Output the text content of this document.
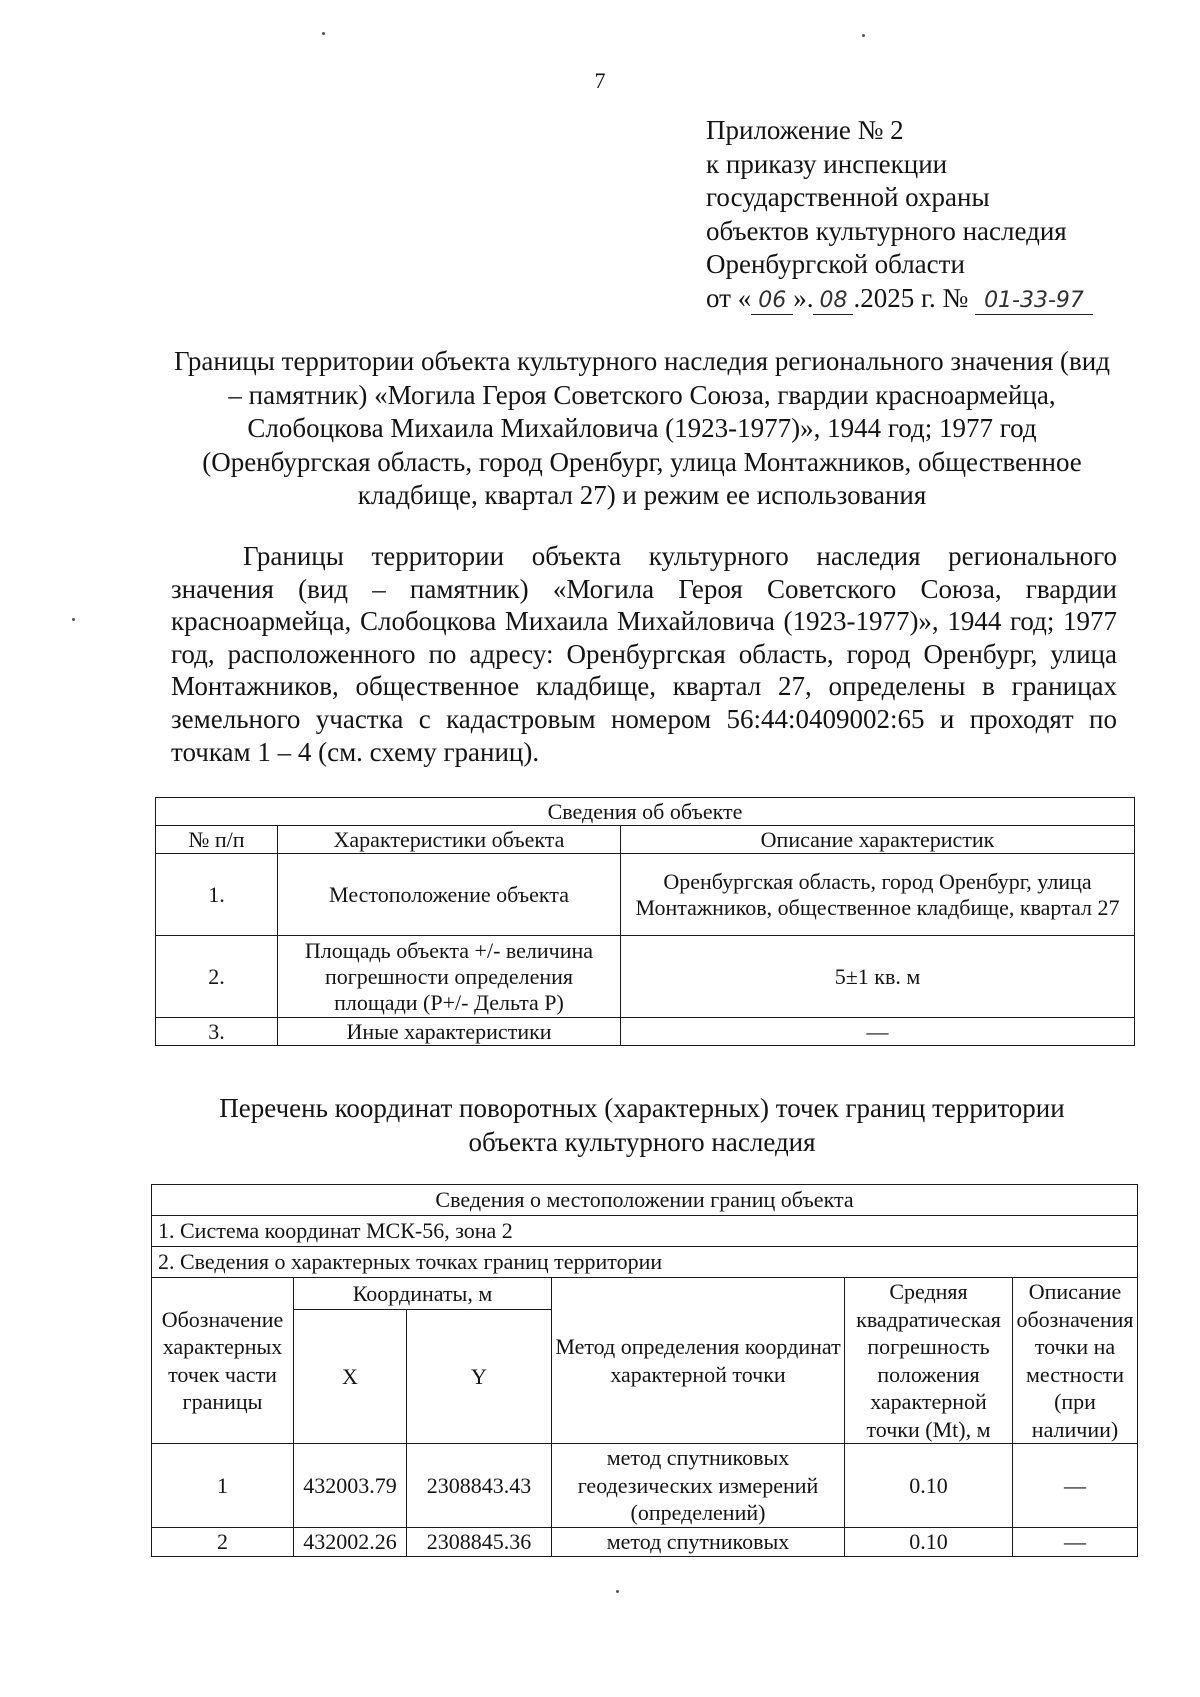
7
Приложение № 2
к приказу инспекции
государственной охраны
объектов культурного наследия
Оренбургской области
от « 06 ». 08 .2025 г. № 01-33-97
Границы территории объекта культурного наследия регионального значения (вид – памятник) «Могила Героя Советского Союза, гвардии красноармейца, Слобоцкова Михаила Михайловича (1923-1977)», 1944 год; 1977 год (Оренбургская область, город Оренбург, улица Монтажников, общественное кладбище, квартал 27) и режим ее использования
Границы территории объекта культурного наследия регионального значения (вид – памятник) «Могила Героя Советского Союза, гвардии красноармейца, Слобоцкова Михаила Михайловича (1923-1977)», 1944 год; 1977 год, расположенного по адресу: Оренбургская область, город Оренбург, улица Монтажников, общественное кладбище, квартал 27, определены в границах земельного участка с кадастровым номером 56:44:0409002:65 и проходят по точкам 1 – 4 (см. схему границ).
Сведения об объекте		
№ п/п	Характеристики объекта	Описание характеристик
1.	Местоположение объекта	Оренбургская область, город Оренбург, улица Монтажников, общественное кладбище, квартал 27
2.	Площадь объекта +/- величина погрешности определения площади (P+/- Дельта P)	5±1 кв. м
3.	Иные характеристики	—
Перечень координат поворотных (характерных) точек границ территории объекта культурного наследия
Сведения о местоположении границ объекта					
1. Система координат МСК-56, зона 2					
2. Сведения о характерных точках границ территории					
Обозначение характерных точек части границы	Координаты, м		Метод определения координат характерной точки	Средняя квадратическая погрешность положения характерной точки (Mt), м	Описание обозначения точки на местности (при наличии)
	X	Y			
1	432003.79	2308843.43	метод спутниковых геодезических измерений (определений)	0.10	—
2	432002.26	2308845.36	метод спутниковых	0.10	—
